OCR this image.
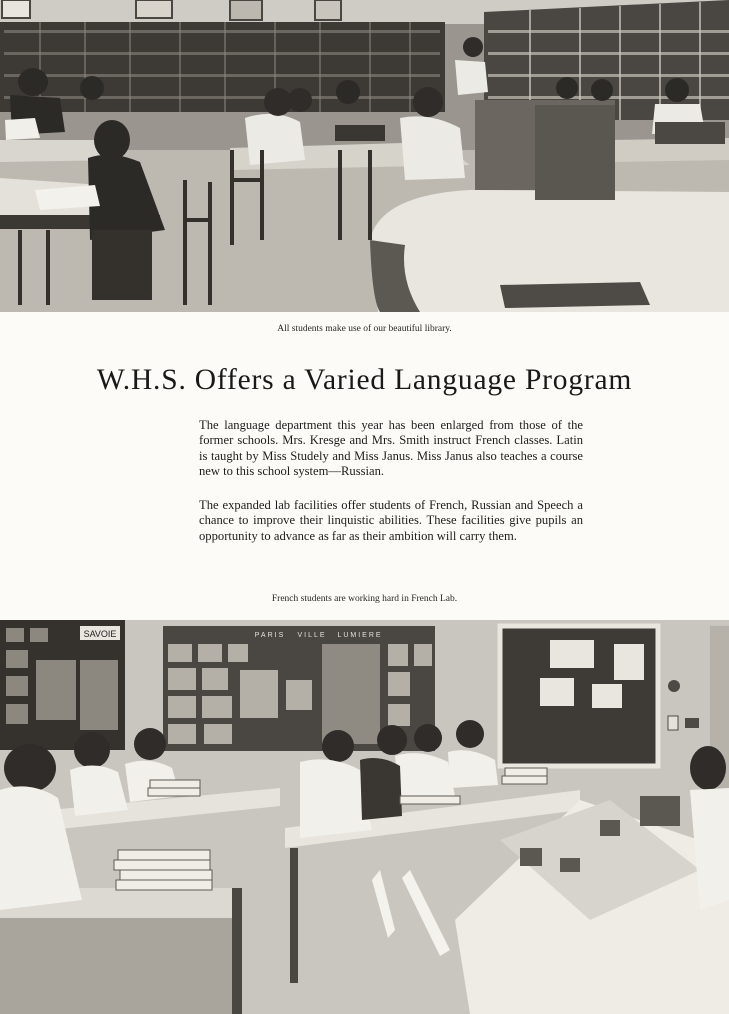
All students make use of our beautiful library.
W.H.S. Offers a Varied Language Program

The language department this year has been enlarged from those of the former schools. Mrs. Kresge and Mrs. Smith instruct French classes. Latin is taught by Miss Studely and Miss Janus. Miss Janus also teaches a course new to this school system—Russian.

The expanded lab facilities offer students of French, Russian and Speech a chance to improve their linquistic abilities. These facilities give pupils an opportunity to advance as far as their ambition will carry them.

French students are working hard in French Lab.
SAVOIE	PARIS VILLE LUMIERE
